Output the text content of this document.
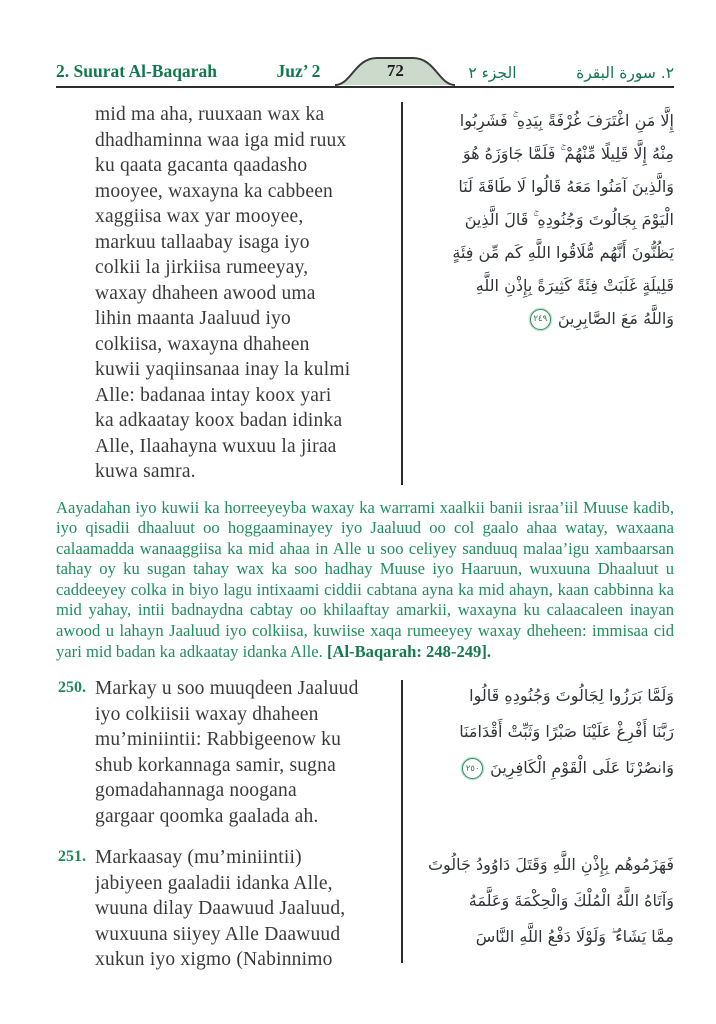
2. Suurat Al-Baqarah	Juz’ 2	72	الجزء ٢	٢. سورة البقرة
mid ma aha, ruuxaan wax ka
dhadhaminna waa iga mid ruux
ku qaata gacanta qaadasho
mooyee, waxayna ka cabbeen
xaggiisa wax yar mooyee,
markuu tallaabay isaga iyo
colkii la jirkiisa rumeeyay,
waxay dhaheen awood uma
lihin maanta Jaaluud iyo
colkiisa, waxayna dhaheen
kuwii yaqiinsanaa inay la kulmi
Alle: badanaa intay koox yari
ka adkaatay koox badan idinka
Alle, Ilaahayna wuxuu la jiraa
kuwa samra.
إِلَّا مَنِ اغْتَرَفَ غُرْفَةً بِيَدِهِ ۚ فَشَرِبُوا
مِنْهُ إِلَّا قَلِيلًا مِّنْهُمْ ۚ فَلَمَّا جَاوَزَهُ هُوَ
وَالَّذِينَ آمَنُوا مَعَهُ قَالُوا لَا طَاقَةَ لَنَا
الْيَوْمَ بِجَالُوتَ وَجُنُودِهِ ۚ قَالَ الَّذِينَ
يَظُنُّونَ أَنَّهُم مُّلَاقُوا اللَّهِ كَم مِّن فِئَةٍ
قَلِيلَةٍ غَلَبَتْ فِئَةً كَثِيرَةً بِإِذْنِ اللَّهِ
وَاللَّهُ مَعَ الصَّابِرِينَ٢٤٩

Aayadahan iyo kuwii ka horreeyeyba waxay ka warrami xaalkii banii israa’iil Muuse kadib, iyo qisadii dhaaluut oo hoggaaminayey iyo Jaaluud oo col gaalo ahaa watay, waxaana calaamadda wanaaggiisa ka mid ahaa in Alle u soo celiyey sanduuq malaa’igu xambaarsan tahay oy ku sugan tahay wax ka soo hadhay Muuse iyo Haaruun, wuxuuna Dhaaluut u caddeeyey colka in biyo lagu intixaami ciddii cabtana ayna ka mid ahayn, kaan cabbinna ka mid yahay, intii badnaydna cabtay oo khilaaftay amarkii, waxayna ku calaacaleen inayan awood u lahayn Jaaluud iyo colkiisa, kuwiise xaqa rumeeyey waxay dheheen: immisaa cid yari mid badan ka adkaatay idanka Alle. [Al-Baqarah: 248-249].

250. Markay u soo muuqdeen Jaaluud
iyo colkiisii waxay dhaheen
mu’miniintii: Rabbigeenow ku
shub korkannaga samir, sugna
gomadahannaga noogana
gargaar qoomka gaalada ah.
وَلَمَّا بَرَزُوا لِجَالُوتَ وَجُنُودِهِ قَالُوا
رَبَّنَا أَفْرِغْ عَلَيْنَا صَبْرًا وَثَبِّتْ أَقْدَامَنَا
وَانصُرْنَا عَلَى الْقَوْمِ الْكَافِرِينَ٢٥٠
251. Markaasay (mu’miniintii)
jabiyeen gaaladii idanka Alle,
wuuna dilay Daawuud Jaaluud,
wuxuuna siiyey Alle Daawuud
xukun iyo xigmo (Nabinnimo
فَهَزَمُوهُم بِإِذْنِ اللَّهِ وَقَتَلَ دَاوُودُ جَالُوتَ
وَآتَاهُ اللَّهُ الْمُلْكَ وَالْحِكْمَةَ وَعَلَّمَهُ
مِمَّا يَشَاءُ ۖ وَلَوْلَا دَفْعُ اللَّهِ النَّاسَ
